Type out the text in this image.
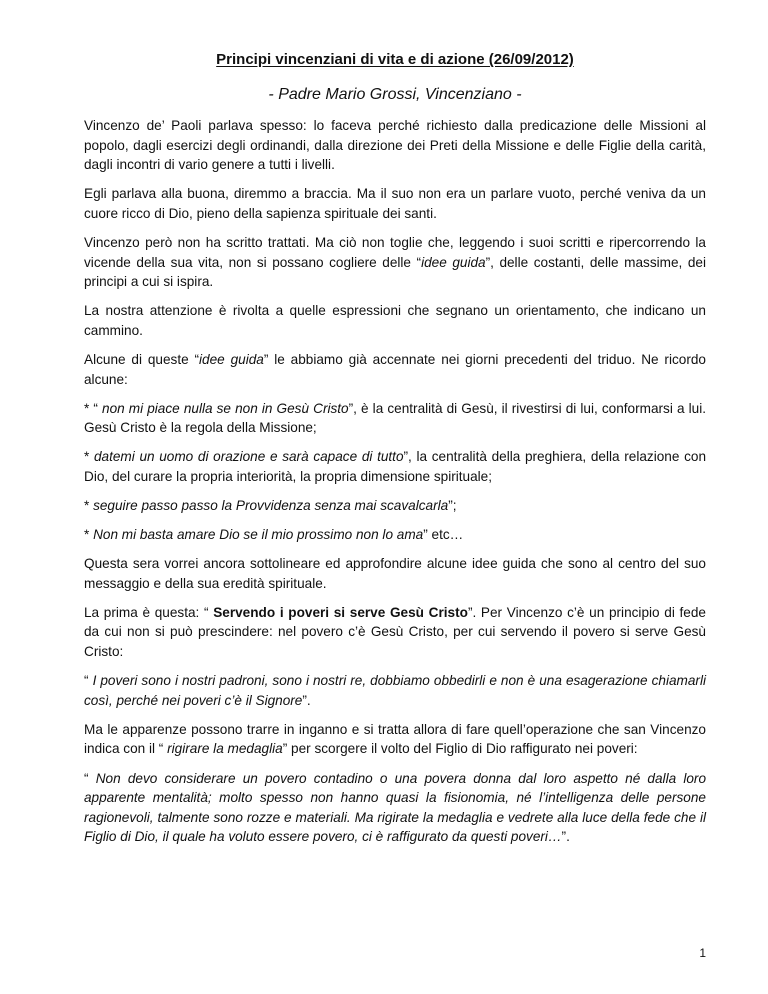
Principi vincenziani di vita e di azione (26/09/2012)
- Padre Mario Grossi, Vincenziano -

Vincenzo de’ Paoli parlava spesso: lo faceva perché richiesto dalla predicazione delle Missioni al popolo, dagli esercizi degli ordinandi, dalla direzione dei Preti della Missione e delle Figlie della carità, dagli incontri di vario genere a tutti i livelli.

Egli parlava alla buona, diremmo a braccia. Ma il suo non era un parlare vuoto, perché veniva da un cuore ricco di Dio, pieno della sapienza spirituale dei santi.

Vincenzo però non ha scritto trattati. Ma ciò non toglie che, leggendo i suoi scritti e ripercorrendo la vicende della sua vita, non si possano cogliere delle “idee guida”, delle costanti, delle massime, dei principi a cui si ispira.

La nostra attenzione è rivolta a quelle espressioni che segnano un orientamento, che indicano un cammino.

Alcune di queste “idee guida” le abbiamo già accennate nei giorni precedenti del triduo. Ne ricordo alcune:

* “ non mi piace nulla se non in Gesù Cristo”, è la centralità di Gesù, il rivestirsi di lui, conformarsi a lui. Gesù Cristo è la regola della Missione;

* datemi un uomo di orazione e sarà capace di tutto”, la centralità della preghiera, della relazione con Dio, del curare la propria interiorità, la propria dimensione spirituale;

* seguire passo passo la Provvidenza senza mai scavalcarla”;

* Non mi basta amare Dio se il mio prossimo non lo ama” etc…

Questa sera vorrei ancora sottolineare ed approfondire alcune idee guida che sono al centro del suo messaggio e della sua eredità spirituale.

La prima è questa: “ Servendo i poveri si serve Gesù Cristo”. Per Vincenzo c’è un principio di fede da cui non si può prescindere: nel povero c’è Gesù Cristo, per cui servendo il povero si serve Gesù Cristo:

“ I poveri sono i nostri padroni, sono i nostri re, dobbiamo obbedirli e non è una esagerazione chiamarli così, perché nei poveri c’è il Signore”.

Ma le apparenze possono trarre in inganno e si tratta allora di fare quell’operazione che san Vincenzo indica con il “ rigirare la medaglia” per scorgere il volto del Figlio di Dio raffigurato nei poveri:

“ Non devo considerare un povero contadino o una povera donna dal loro aspetto né dalla loro apparente mentalità; molto spesso non hanno quasi la fisionomia, né l’intelligenza delle persone ragionevoli, talmente sono rozze e materiali. Ma rigirate la medaglia e vedrete alla luce della fede che il Figlio di Dio, il quale ha voluto essere povero, ci è raffigurato da questi poveri…”.

1
